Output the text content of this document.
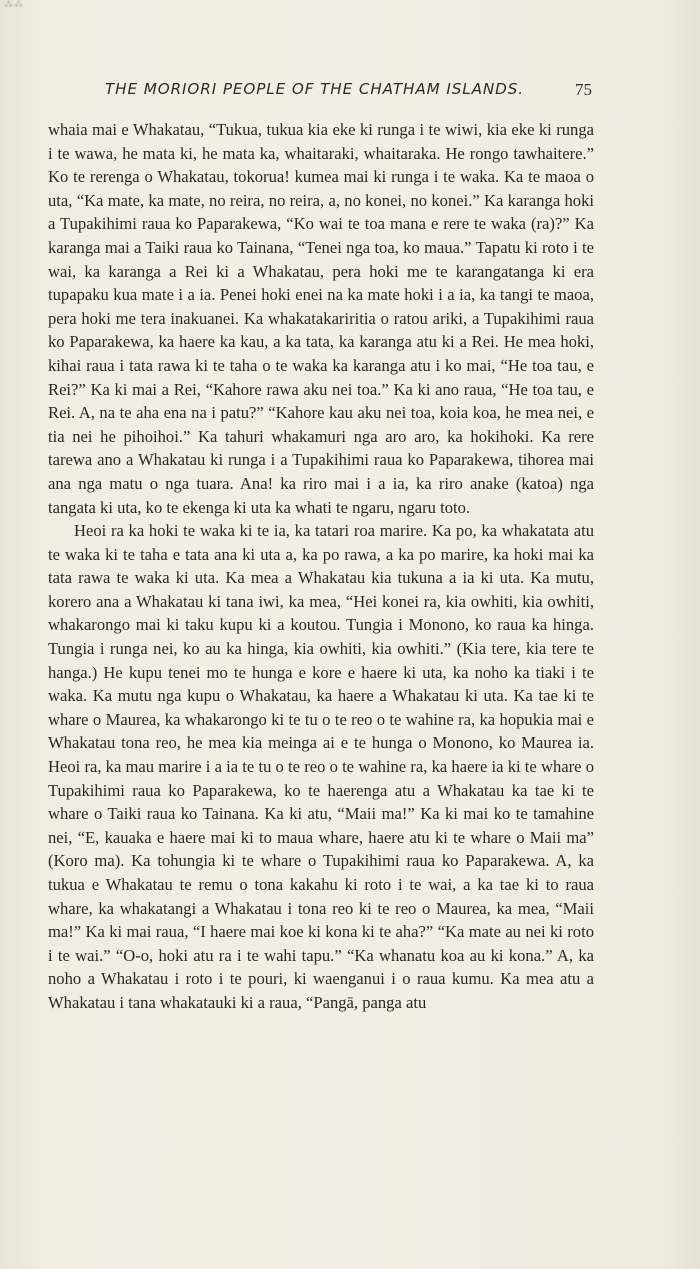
⁂⁂
THE MORIORI PEOPLE OF THE CHATHAM ISLANDS.	75

whaia mai e Whakatau, “Tukua, tukua kia eke ki runga i te wiwi, kia eke ki runga i te wawa, he mata ki, he mata ka, whaitaraki, whaitaraka. He rongo tawhaitere.” Ko te rerenga o Whakatau, tokorua! kumea mai ki runga i te waka. Ka te maoa o uta, “Ka mate, ka mate, no reira, no reira, a, no konei, no konei.” Ka karanga hoki a Tupakihimi raua ko Paparakewa, “Ko wai te toa mana e rere te waka (ra)?” Ka karanga mai a Taiki raua ko Tainana, “Tenei nga toa, ko maua.” Tapatu ki roto i te wai, ka karanga a Rei ki a Whakatau, pera hoki me te karangatanga ki era tupapaku kua mate i a ia. Penei hoki enei na ka mate hoki i a ia, ka tangi te maoa, pera hoki me tera inakuanei. Ka whakatakariritia o ratou ariki, a Tupakihimi raua ko Paparakewa, ka haere ka kau, a ka tata, ka karanga atu ki a Rei. He mea hoki, kihai raua i tata rawa ki te taha o te waka ka karanga atu i ko mai, “He toa tau, e Rei?” Ka ki mai a Rei, “Kahore rawa aku nei toa.” Ka ki ano raua, “He toa tau, e Rei. A, na te aha ena na i patu?” “Kahore kau aku nei toa, koia koa, he mea nei, e tia nei he pihoihoi.” Ka tahuri whakamuri nga aro aro, ka hokihoki. Ka rere tarewa ano a Whakatau ki runga i a Tupakihimi raua ko Paparakewa, tihorea mai ana nga matu o nga tuara. Ana! ka riro mai i a ia, ka riro anake (katoa) nga tangata ki uta, ko te ekenga ki uta ka whati te ngaru, ngaru toto.

Heoi ra ka hoki te waka ki te ia, ka tatari roa marire. Ka po, ka whakatata atu te waka ki te taha e tata ana ki uta a, ka po rawa, a ka po marire, ka hoki mai ka tata rawa te waka ki uta. Ka mea a Whakatau kia tukuna a ia ki uta. Ka mutu, korero ana a Whakatau ki tana iwi, ka mea, “Hei konei ra, kia owhiti, kia owhiti, whakarongo mai ki taku kupu ki a koutou. Tungia i Monono, ko raua ka hinga. Tungia i runga nei, ko au ka hinga, kia owhiti, kia owhiti.” (Kia tere, kia tere te hanga.) He kupu tenei mo te hunga e kore e haere ki uta, ka noho ka tiaki i te waka. Ka mutu nga kupu o Whakatau, ka haere a Whakatau ki uta. Ka tae ki te whare o Maurea, ka whakarongo ki te tu o te reo o te wahine ra, ka hopukia mai e Whakatau tona reo, he mea kia meinga ai e te hunga o Monono, ko Maurea ia. Heoi ra, ka mau marire i a ia te tu o te reo o te wahine ra, ka haere ia ki te whare o Tupakihimi raua ko Paparakewa, ko te haerenga atu a Whakatau ka tae ki te whare o Taiki raua ko Tainana. Ka ki atu, “Maii ma!” Ka ki mai ko te tamahine nei, “E, kauaka e haere mai ki to maua whare, haere atu ki te whare o Maii ma” (Koro ma). Ka tohungia ki te whare o Tupakihimi raua ko Paparakewa. A, ka tukua e Whakatau te remu o tona kakahu ki roto i te wai, a ka tae ki to raua whare, ka whakatangi a Whakatau i tona reo ki te reo o Maurea, ka mea, “Maii ma!” Ka ki mai raua, “I haere mai koe ki kona ki te aha?” “Ka mate au nei ki roto i te wai.” “O-o, hoki atu ra i te wahi tapu.” “Ka whanatu koa au ki kona.” A, ka noho a Whakatau i roto i te pouri, ki waenganui i o raua kumu. Ka mea atu a Whakatau i tana whakatauki ki a raua, “Pangā, panga atu
